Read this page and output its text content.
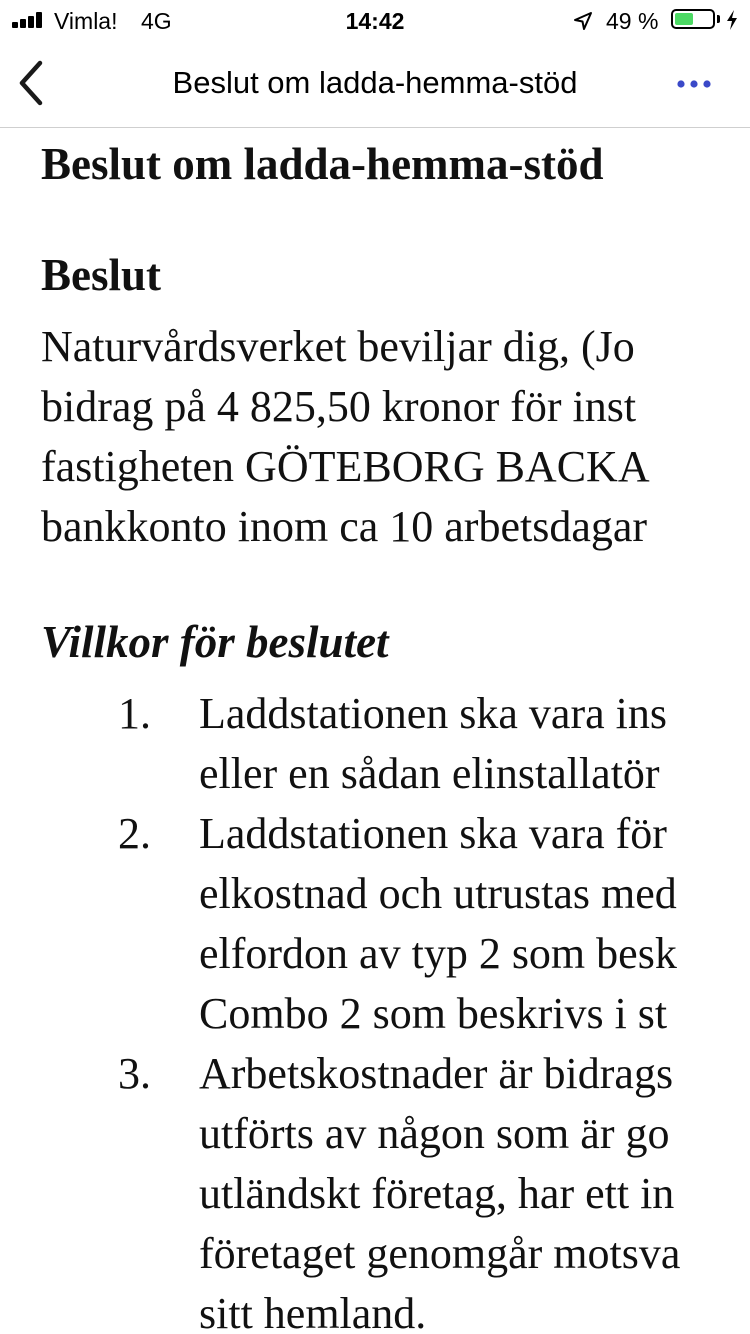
Vimla! 4G	14:42	49 %
Beslut om ladda-hemma-stöd
Beslut om ladda-hemma-stöd
Beslut

Naturvårdsverket beviljar dig, (Jo

bidrag på 4 825,50 kronor för inst

fastigheten GÖTEBORG BACKA

bankkonto inom ca 10 arbetsdagar

Villkor för beslutet

1. Laddstationen ska vara ins

eller en sådan elinstallatör

2. Laddstationen ska vara för

elkostnad och utrustas med

elfordon av typ 2 som besk

Combo 2 som beskrivs i st

3. Arbetskostnader är bidrags

utförts av någon som är go

utländskt företag, har ett in

företaget genomgår motsva

sitt hemland.
